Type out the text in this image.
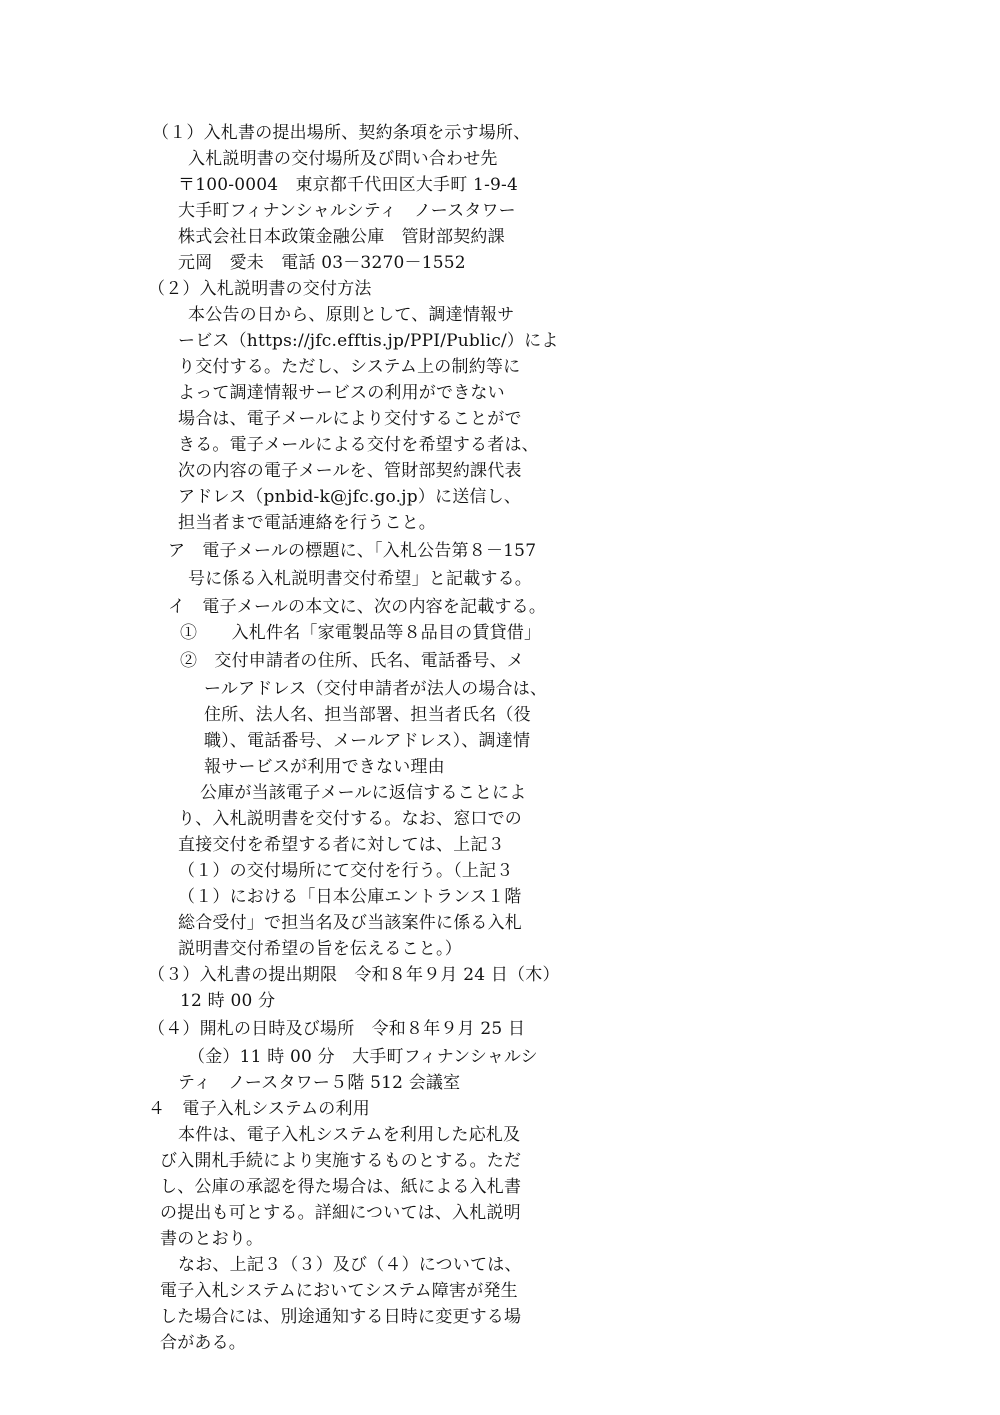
（１）入札書の提出場所、契約条項を示す場所、
入札説明書の交付場所及び問い合わせ先
〒100-0004　東京都千代田区大手町 1-9-4
大手町フィナンシャルシティ　ノースタワー
株式会社日本政策金融公庫　管財部契約課
元岡　愛未　電話 03－3270－1552
（２）入札説明書の交付方法
本公告の日から、原則として、調達情報サ
ービス（https://jfc.efftis.jp/PPI/Public/）によ
り交付する。ただし、システム上の制約等に
よって調達情報サービスの利用ができない
場合は、電子メールにより交付することがで
きる。電子メールによる交付を希望する者は、
次の内容の電子メールを、管財部契約課代表
アドレス（pnbid-k@jfc.go.jp）に送信し、
担当者まで電話連絡を行うこと。
ア　電子メールの標題に、「入札公告第８－157
号に係る入札説明書交付希望」と記載する。
イ　電子メールの本文に、次の内容を記載する。
①　　入札件名「家電製品等８品目の賃貸借」
②　交付申請者の住所、氏名、電話番号、メ
ールアドレス（交付申請者が法人の場合は、
住所、法人名、担当部署、担当者氏名（役
職）、電話番号、メールアドレス）、調達情
報サービスが利用できない理由
公庫が当該電子メールに返信することによ
り、入札説明書を交付する。なお、窓口での
直接交付を希望する者に対しては、上記３
（１）の交付場所にて交付を行う。（上記３
（１）における「日本公庫エントランス１階
総合受付」で担当名及び当該案件に係る入札
説明書交付希望の旨を伝えること。）
（３）入札書の提出期限　令和８年９月 24 日（木）
12 時 00 分
（４）開札の日時及び場所　令和８年９月 25 日
（金）11 時 00 分　大手町フィナンシャルシ
ティ　ノースタワー５階 512 会議室
４　電子入札システムの利用
本件は、電子入札システムを利用した応札及
び入開札手続により実施するものとする。ただ
し、公庫の承認を得た場合は、紙による入札書
の提出も可とする。詳細については、入札説明
書のとおり。
なお、上記３（３）及び（４）については、
電子入札システムにおいてシステム障害が発生
した場合には、別途通知する日時に変更する場
合がある。
